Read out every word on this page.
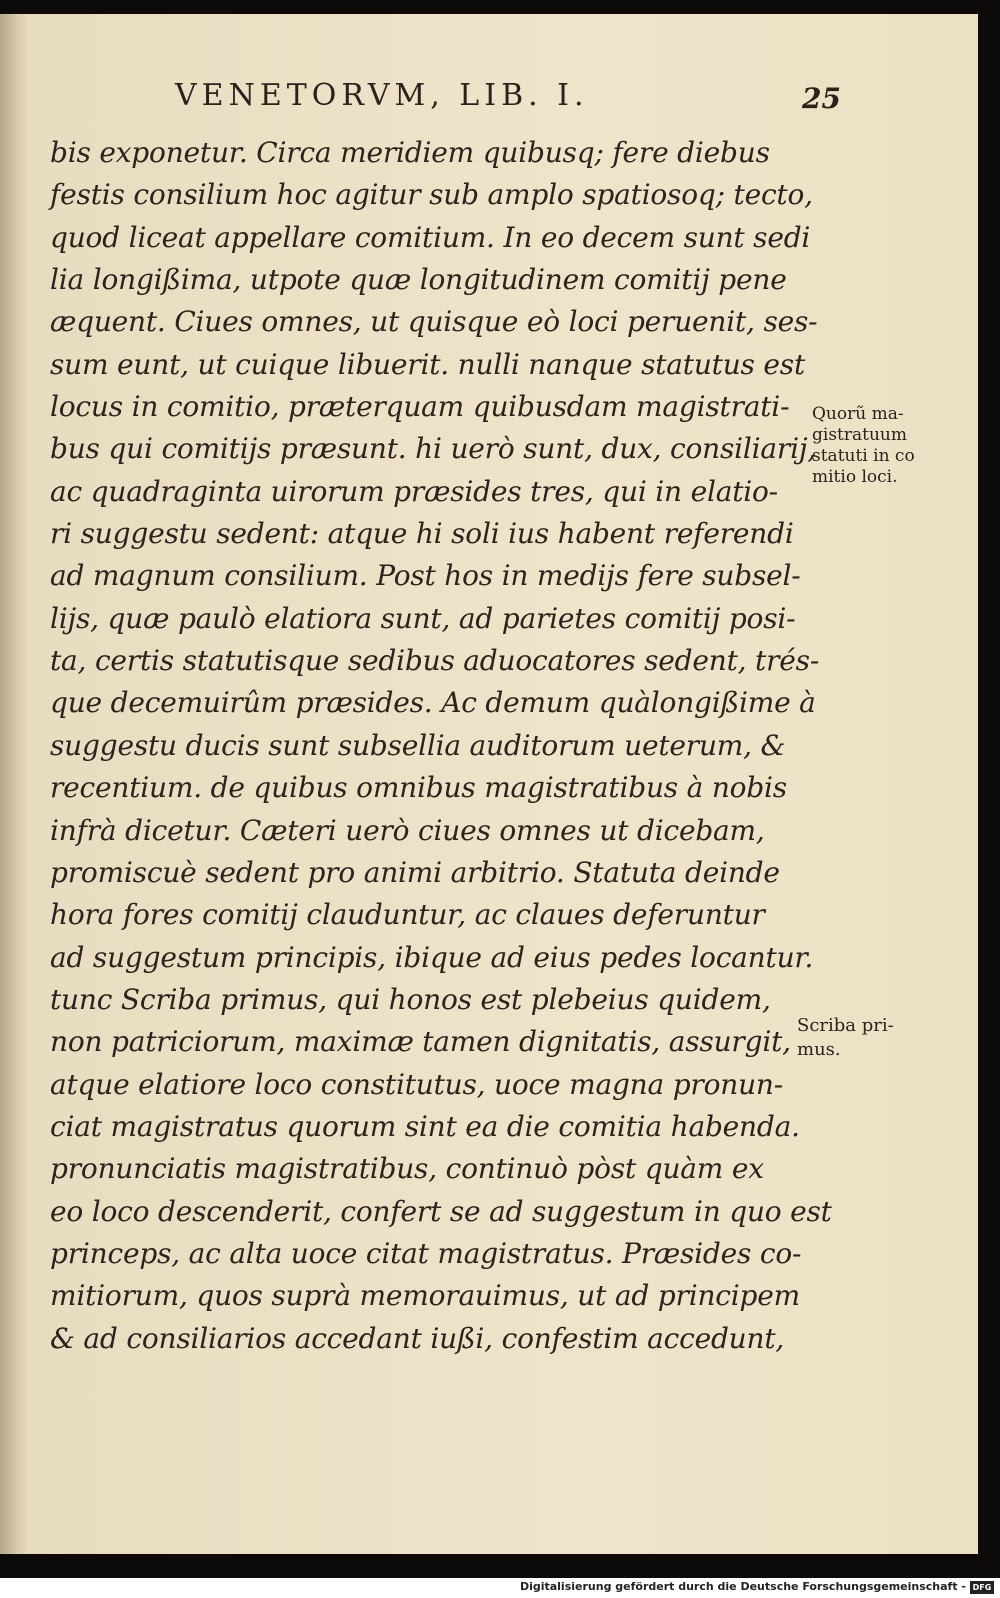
VENETORVM, LIB. I.	25
bis exponetur. Circa meridiem quibusq; fere diebus
festis consilium hoc agitur sub amplo spatiosoq; tecto,
quod liceat appellare comitium. In eo decem sunt sedi
lia longißima, utpote quæ longitudinem comitij pene
æquent. Ciues omnes, ut quisque eò loci peruenit, ses-
sum eunt, ut cuique libuerit. nulli nanque statutus est
locus in comitio, præterquam quibusdam magistrati-
bus qui comitijs præsunt. hi uerò sunt, dux, consiliarij,
ac quadraginta uirorum præsides tres, qui in elatio-
ri suggestu sedent: atque hi soli ius habent referendi
ad magnum consilium. Post hos in medijs fere subsel-
lijs, quæ paulò elatiora sunt, ad parietes comitij posi-
ta, certis statutisque sedibus aduocatores sedent, trés-
que decemuirûm præsides. Ac demum quàlongißime à
suggestu ducis sunt subsellia auditorum ueterum, &
recentium. de quibus omnibus magistratibus à nobis
infrà dicetur. Cæteri uerò ciues omnes ut dicebam,
promiscuè sedent pro animi arbitrio. Statuta deinde
hora fores comitij clauduntur, ac claues deferuntur
ad suggestum principis, ibique ad eius pedes locantur.
tunc Scriba primus, qui honos est plebeius quidem,
non patriciorum, maximæ tamen dignitatis, assurgit,
atque elatiore loco constitutus, uoce magna pronun-
ciat magistratus quorum sint ea die comitia habenda.
pronunciatis magistratibus, continuò pòst quàm ex
eo loco descenderit, confert se ad suggestum in quo est
princeps, ac alta uoce citat magistratus. Præsides co-
mitiorum, quos suprà memorauimus, ut ad principem
& ad consiliarios accedant iußi, confestim accedunt,
Quorũ ma-
gistratuum
statuti in co
mitio loci.
Scriba pri-
mus.
Digitalisierung gefördert durch die Deutsche Forschungsgemeinschaft - DFG
